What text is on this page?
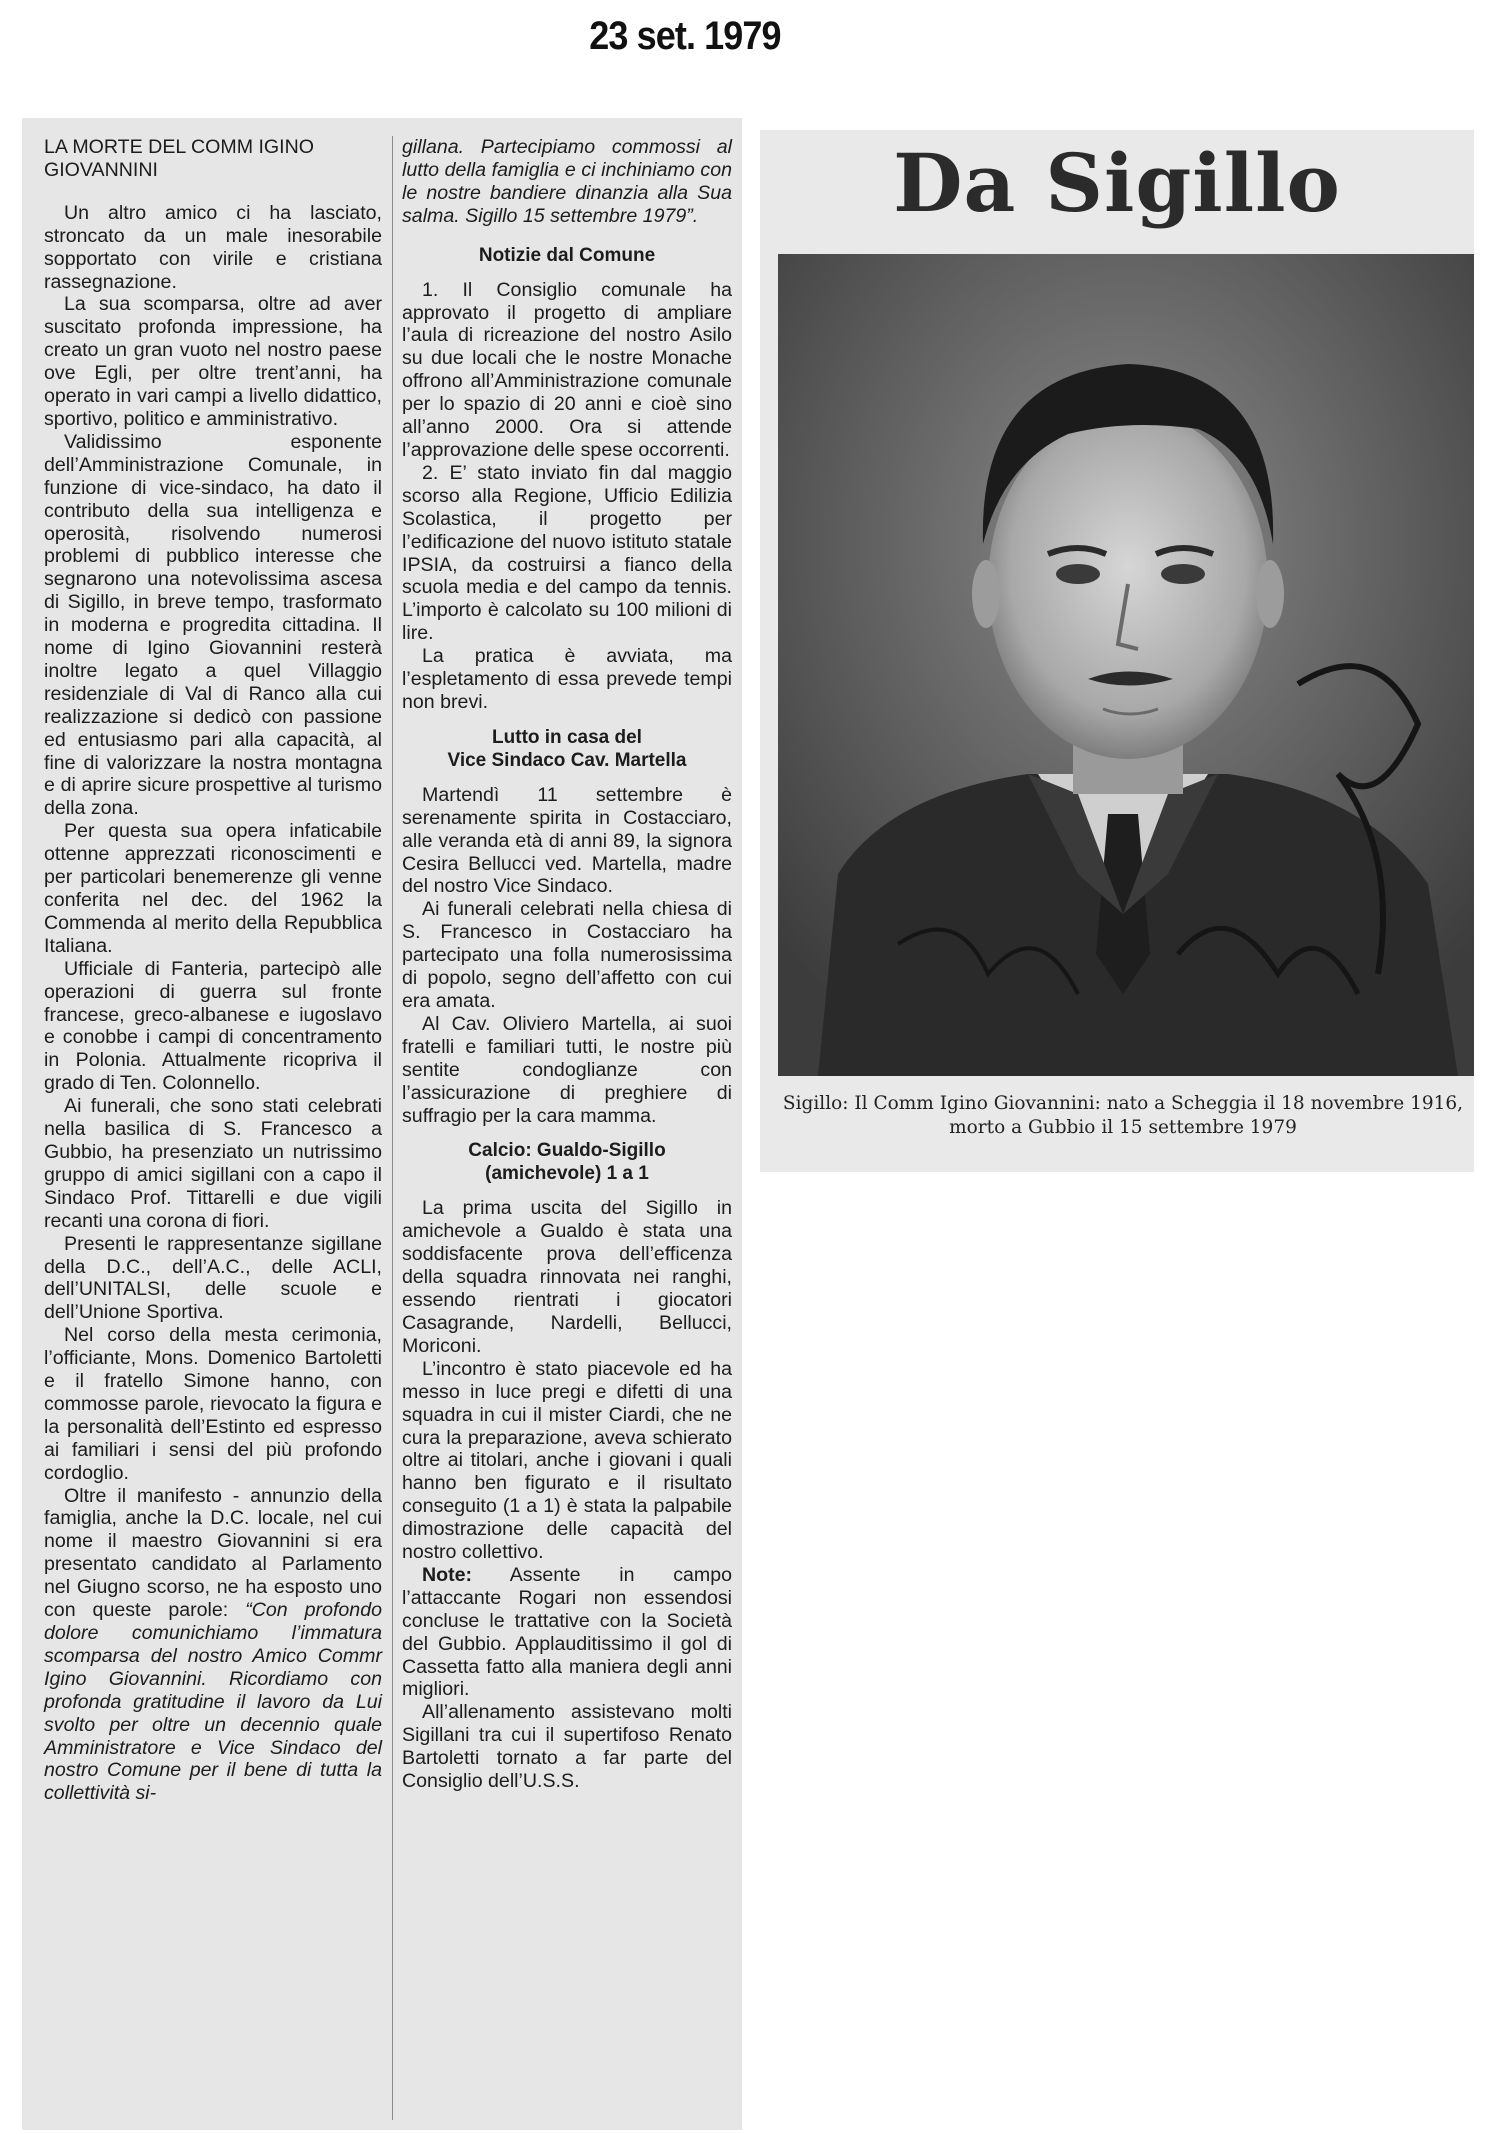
23 set. 1979

LA MORTE DEL COMM IGINO GIOVANNINI

Un altro amico ci ha lasciato, stroncato da un male inesorabile sopportato con virile e cristiana rassegnazione.

La sua scomparsa, oltre ad aver suscitato profonda impressione, ha creato un gran vuoto nel nostro paese ove Egli, per oltre trent’anni, ha operato in vari campi a livello didattico, sportivo, politico e amministrativo.

Validissimo esponente dell’Amministrazione Comunale, in funzione di vice-sindaco, ha dato il contributo della sua intelligenza e operosità, risolvendo numerosi problemi di pubblico interesse che segnarono una notevolissima ascesa di Sigillo, in breve tempo, trasformato in moderna e progredita cittadina. Il nome di Igino Giovannini resterà inoltre legato a quel Villaggio residenziale di Val di Ranco alla cui realizzazione si dedicò con passione ed entusiasmo pari alla capacità, al fine di valorizzare la nostra montagna e di aprire sicure prospettive al turismo della zona.

Per questa sua opera infaticabile ottenne apprezzati riconoscimenti e per particolari benemerenze gli venne conferita nel dec. del 1962 la Commenda al merito della Repubblica Italiana.

Ufficiale di Fanteria, partecipò alle operazioni di guerra sul fronte francese, greco-albanese e iugoslavo e conobbe i campi di concentramento in Polonia. Attualmente ricopriva il grado di Ten. Colonnello.

Ai funerali, che sono stati celebrati nella basilica di S. Francesco a Gubbio, ha presenziato un nutrissimo gruppo di amici sigillani con a capo il Sindaco Prof. Tittarelli e due vigili recanti una corona di fiori.

Presenti le rappresentanze sigillane della D.C., dell’A.C., delle ACLI, dell’UNITALSI, delle scuole e dell’Unione Sportiva.

Nel corso della mesta cerimonia, l’officiante, Mons. Domenico Bartoletti e il fratello Simone hanno, con commosse parole, rievocato la figura e la personalità dell’Estinto ed espresso ai familiari i sensi del più profondo cordoglio.

Oltre il manifesto - annunzio della famiglia, anche la D.C. locale, nel cui nome il maestro Giovannini si era presentato candidato al Parlamento nel Giugno scorso, ne ha esposto uno con queste parole: “Con profondo dolore comunichiamo l’immatura scomparsa del nostro Amico Commr Igino Giovannini. Ricordiamo con profonda gratitudine il lavoro da Lui svolto per oltre un decennio quale Amministratore e Vice Sindaco del nostro Comune per il bene di tutta la collettività si-

gillana. Partecipiamo commossi al lutto della famiglia e ci inchiniamo con le nostre bandiere dinanzia alla Sua salma. Sigillo 15 settembre 1979”.

Notizie dal Comune

1. Il Consiglio comunale ha approvato il progetto di ampliare l’aula di ricreazione del nostro Asilo su due locali che le nostre Monache offrono all’Amministrazione comunale per lo spazio di 20 anni e cioè sino all’anno 2000. Ora si attende l’approvazione delle spese occorrenti.

2. E’ stato inviato fin dal maggio scorso alla Regione, Ufficio Edilizia Scolastica, il progetto per l’edificazione del nuovo istituto statale IPSIA, da costruirsi a fianco della scuola media e del campo da tennis. L’importo è calcolato su 100 milioni di lire.

La pratica è avviata, ma l’espletamento di essa prevede tempi non brevi.

Lutto in casa del
Vice Sindaco Cav. Martella

Martendì 11 settembre è serenamente spirita in Costacciaro, alle veranda età di anni 89, la signora Cesira Bellucci ved. Martella, madre del nostro Vice Sindaco.

Ai funerali celebrati nella chiesa di S. Francesco in Costacciaro ha partecipato una folla numerosissima di popolo, segno dell’affetto con cui era amata.

Al Cav. Oliviero Martella, ai suoi fratelli e familiari tutti, le nostre più sentite condoglianze con l’assicurazione di preghiere di suffragio per la cara mamma.

Calcio: Gualdo-Sigillo
(amichevole) 1 a 1

La prima uscita del Sigillo in amichevole a Gualdo è stata una soddisfacente prova dell’efficenza della squadra rinnovata nei ranghi, essendo rientrati i giocatori Casagrande, Nardelli, Bellucci, Moriconi.

L’incontro è stato piacevole ed ha messo in luce pregi e difetti di una squadra in cui il mister Ciardi, che ne cura la preparazione, aveva schierato oltre ai titolari, anche i giovani i quali hanno ben figurato e il risultato conseguito (1 a 1) è stata la palpabile dimostrazione delle capacità del nostro collettivo.

Note: Assente in campo l’attaccante Rogari non essendosi concluse le trattative con la Società del Gubbio. Applauditissimo il gol di Cassetta fatto alla maniera degli anni migliori.

All’allenamento assistevano molti Sigillani tra cui il supertifoso Renato Bartoletti tornato a far parte del Consiglio dell’U.S.S.

Da Sigillo
Sigillo: Il Comm Igino Giovannini: nato a Scheggia il 18 novembre 1916, morto a Gubbio il 15 settembre 1979
